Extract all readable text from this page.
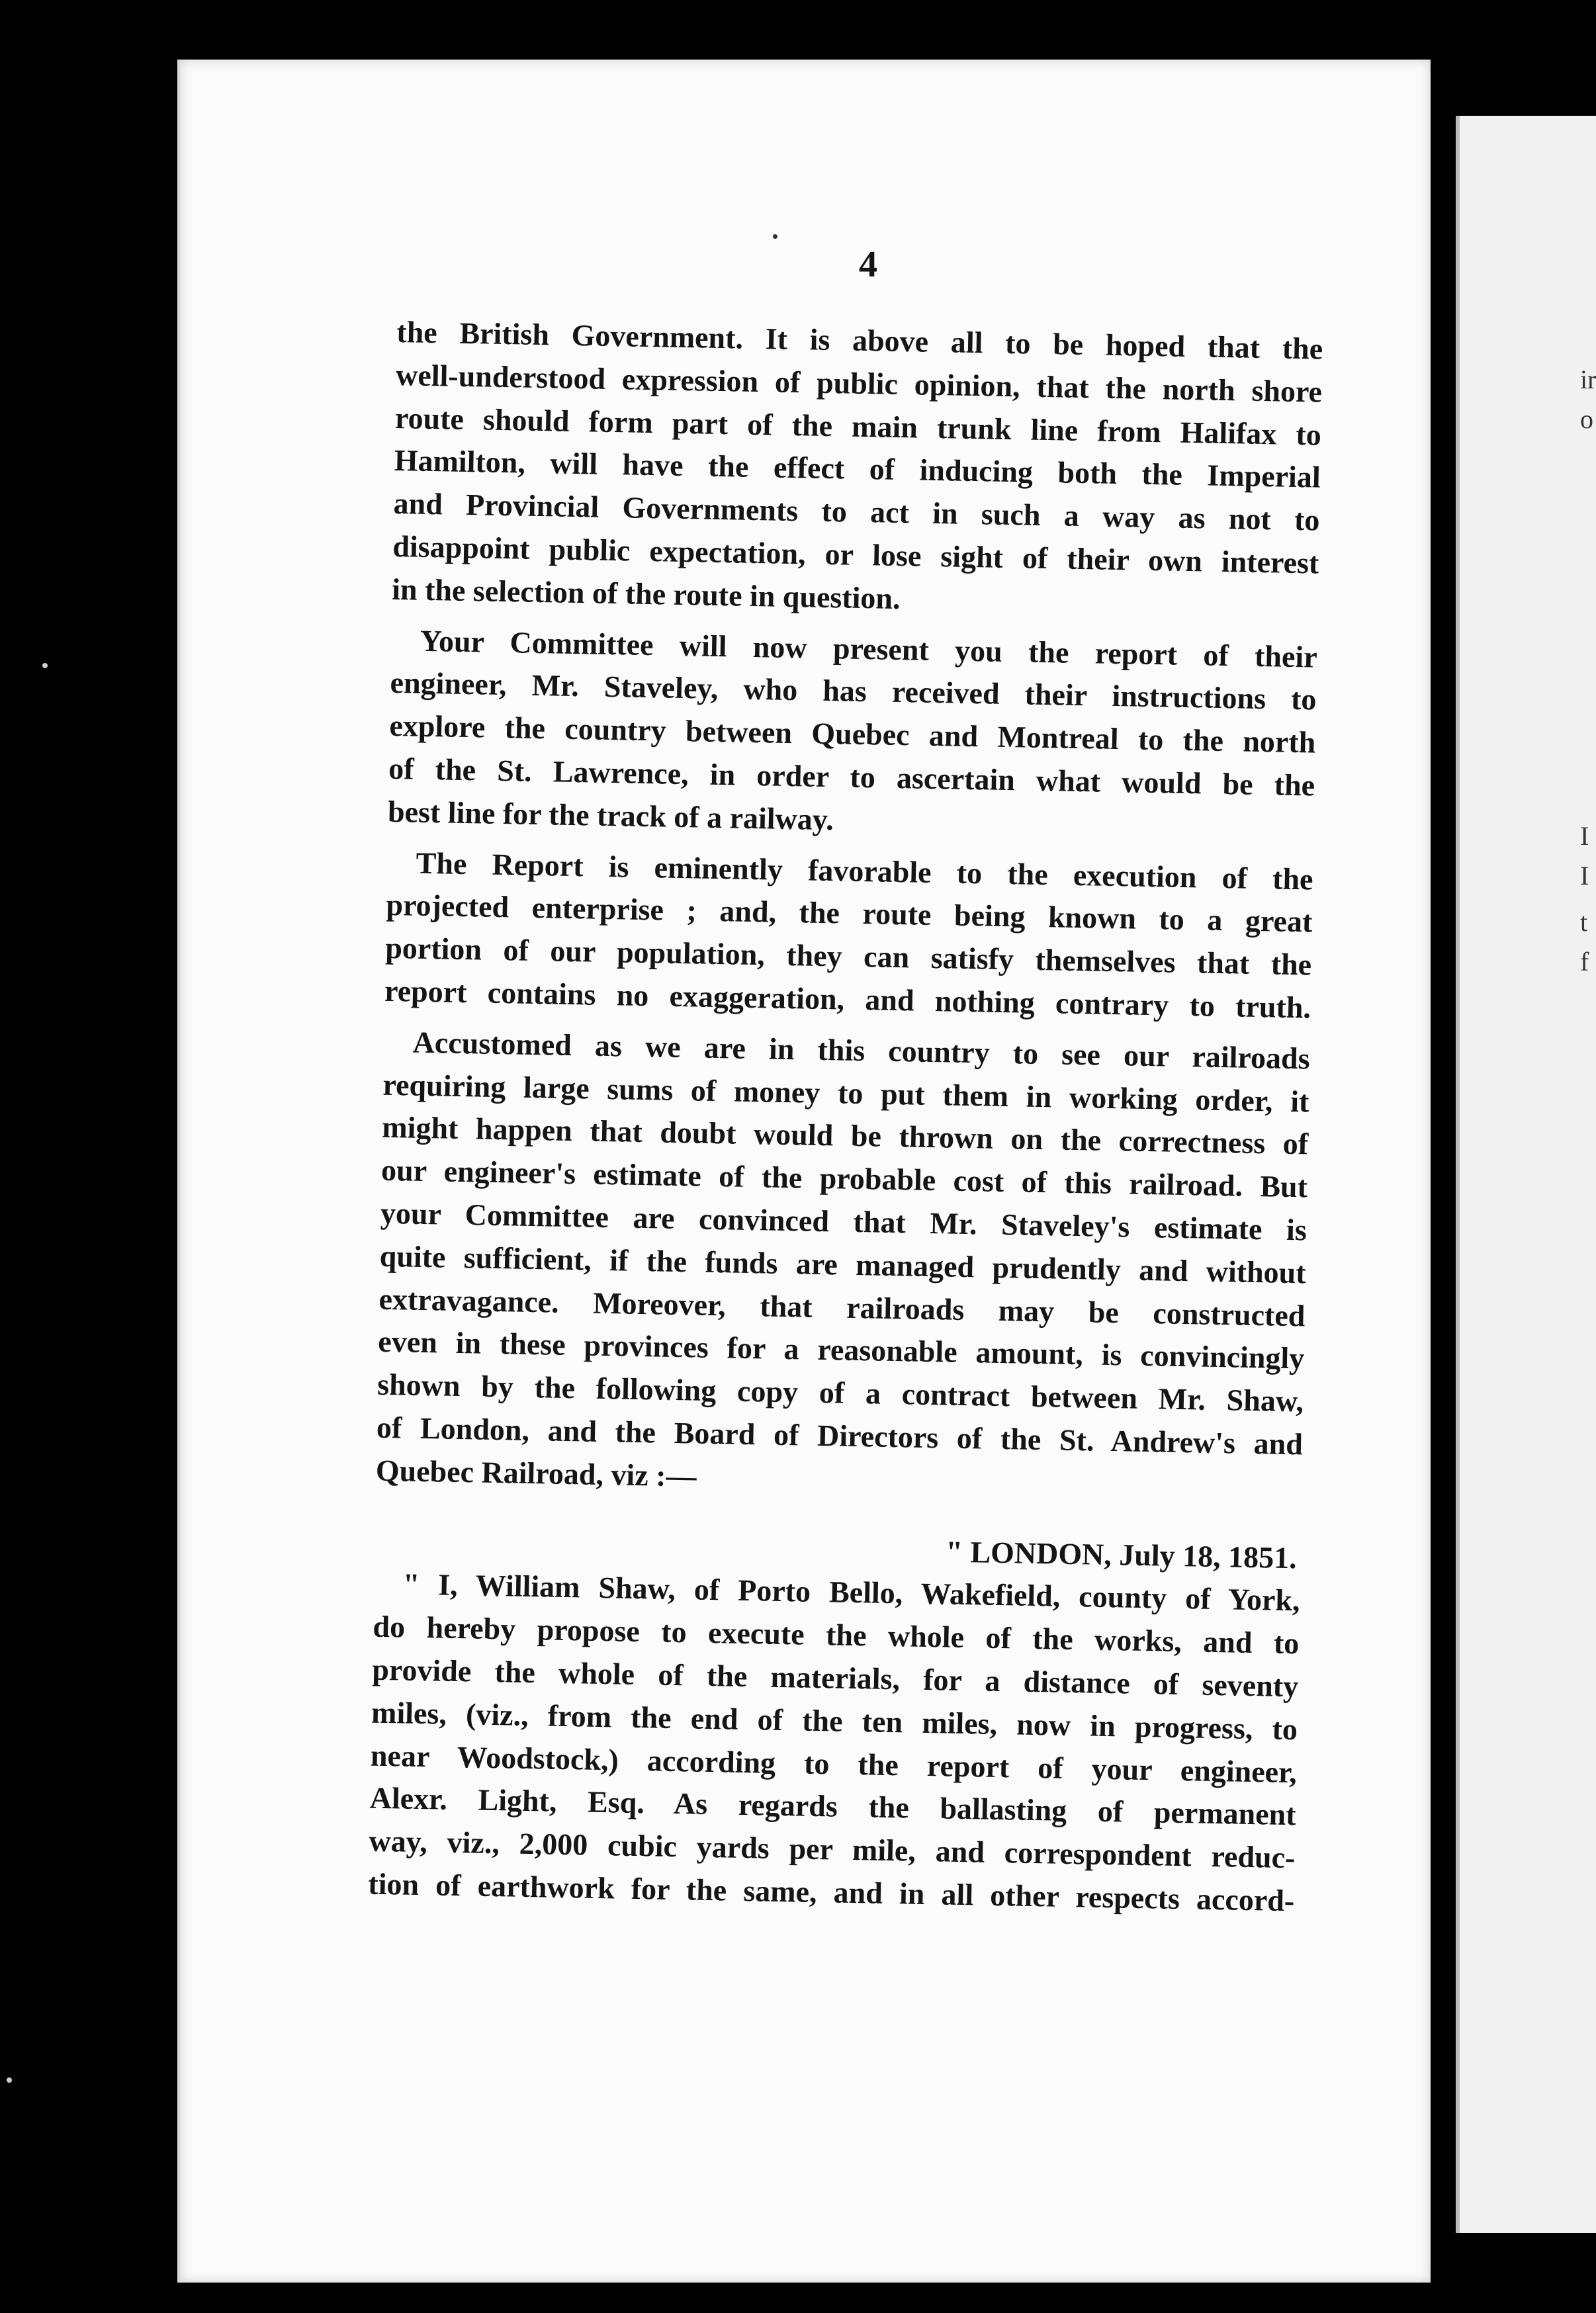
ir
o
I
I
t
f
4
the British Government. It is above all to be hoped that the
well-understood expression of public opinion, that the north shore
route should form part of the main trunk line from Halifax to
Hamilton, will have the effect of inducing both the Imperial
and Provincial Governments to act in such a way as not to
disappoint public expectation, or lose sight of their own interest
in the selection of the route in question.
Your Committee will now present you the report of their
engineer, Mr. Staveley, who has received their instructions to
explore the country between Quebec and Montreal to the north
of the St. Lawrence, in order to ascertain what would be the
best line for the track of a railway.
The Report is eminently favorable to the execution of the
projected enterprise ; and, the route being known to a great
portion of our population, they can satisfy themselves that the
report contains no exaggeration, and nothing contrary to truth.
Accustomed as we are in this country to see our railroads
requiring large sums of money to put them in working order, it
might happen that doubt would be thrown on the correctness of
our engineer's estimate of the probable cost of this railroad. But
your Committee are convinced that Mr. Staveley's estimate is
quite sufficient, if the funds are managed prudently and without
extravagance. Moreover, that railroads may be constructed
even in these provinces for a reasonable amount, is convincingly
shown by the following copy of a contract between Mr. Shaw,
of London, and the Board of Directors of the St. Andrew's and
Quebec Railroad, viz :—
" LONDON, July 18, 1851.
" I, William Shaw, of Porto Bello, Wakefield, county of York,
do hereby propose to execute the whole of the works, and to
provide the whole of the materials, for a distance of seventy
miles, (viz., from the end of the ten miles, now in progress, to
near Woodstock,) according to the report of your engineer,
Alexr. Light, Esq. As regards the ballasting of permanent
way, viz., 2,000 cubic yards per mile, and correspondent reduc-
tion of earthwork for the same, and in all other respects accord-
